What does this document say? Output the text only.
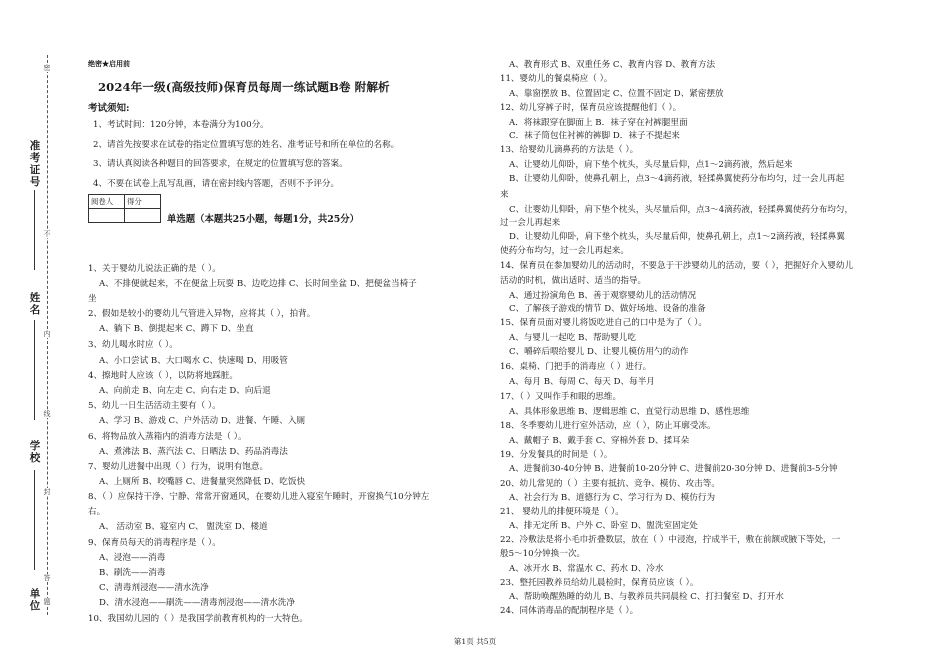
准考证号
姓名
学校
单位
密
不
内
线
封
答
题
绝密★启用前
2024年一级(高级技师)保育员每周一练试题B卷 附解析
考试须知:
1、考试时间：120分钟，本卷满分为100分。
2、请首先按要求在试卷的指定位置填写您的姓名、准考证号和所在单位的名称。
3、请认真阅读各种题目的回答要求，在规定的位置填写您的答案。
4、不要在试卷上乱写乱画，请在密封线内答题，否则不予评分。
阅卷人	得分

单选题（本题共25小题，每题1分，共25分）
1、关于婴幼儿说法正确的是（ ）。
A、不排便就起来，不在便盆上玩耍 B、边吃边排 C、长时间坐盆 D、把便盆当椅子
坐
2、假如是较小的婴幼儿气管进入异物，应将其（ ），拍背。
A、躺下 B、倒提起来 C、蹲下 D、坐直
3、幼儿喝水时应（ ）。
A、小口尝试 B、大口喝水 C、快速喝 D、用吸管
4、擦地时人应该（ ），以防将地踩脏。
A、向前走 B、向左走 C、向右走 D、向后退
5、幼儿一日生活活动主要有（ ）。
A、学习 B、游戏 C、户外活动 D、进餐、午睡、入厕
6、将物品放入蒸箱内的消毒方法是（ ）。
A、煮沸法 B、蒸汽法 C、日晒法 D、药品消毒法
7、婴幼儿进餐中出现（ ）行为，说明有饱意。
A、上厕所 B、咬嘴唇 C、进餐量突然降低 D、吃饭快
8、（ ）应保持干净、宁静、常常开窗通风，在婴幼儿进入寝室午睡时，开窗换气10分钟左
右。
A、 活动室 B、寝室内 C、 盥洗室 D、楼道
9、保育员每天的消毒程序是（ ）。
A、浸泡——消毒
B、刷洗——消毒
C、清毒剂浸泡——清水洗净
D、清水浸泡——刷洗——清毒剂浸泡——清水洗净
10、我国幼儿园的（ ）是我国学前教育机构的一大特色。
A、教育形式 B、双重任务 C、教育内容 D、教育方法
11、婴幼儿的餐桌椅应（ ）。
A、靠窗摆放 B、位置固定 C、位置不固定 D、紧密摆放
12、幼儿穿裤子时，保育员应该提醒他们（ ）。
A．将袜跟穿在脚面上 B．袜子穿在衬裤腿里面
C．袜子筒包住衬裤的裤脚 D．袜子不提起来
13、给婴幼儿滴鼻药的方法是（ ）。
A、让婴幼儿仰卧，肩下垫个枕头，头尽量后仰，点1～2滴药液，然后起来
B、让婴幼儿仰卧，使鼻孔朝上，点3～4滴药液，轻揉鼻翼使药分布均匀，过一会儿再起
来
C、让婴幼儿仰卧，肩下垫个枕头，头尽量后仰，点3～4滴药液，轻揉鼻翼使药分布均匀，
过一会儿再起来
D、让婴幼儿仰卧，肩下垫个枕头，头尽量后仰，使鼻孔朝上，点1～2滴药液，轻揉鼻翼
使药分布均匀，过一会儿再起来。
14、保育员在参加婴幼儿的活动时，不要急于干涉婴幼儿的活动，要（ ），把握好介入婴幼儿
活动的时机，做出适时、适当的指导。
A、通过扮演角色 B、善于观察婴幼儿的活动情况
C、了解孩子游戏的情节 D、做好场地、设备的准备
15、保育员面对婴儿将饭吃进自己的口中是为了（ ）。
A、与婴儿一起吃 B、帮助婴儿吃
C、嚼碎后喂给婴儿 D、让婴儿模仿用勺的动作
16、桌椅、门把手的消毒应（ ）进行。
A、每月 B、每周 C、每天 D、每半月
17、（ ）又叫作手和眼的思维。
A、具体形象思维 B、逻辑思维 C、直觉行动思维 D、感性思维
18、冬季婴幼儿进行室外活动，应（ ），防止耳廓受冻。
A、戴帽子 B、戴手套 C、穿棉外套 D、揉耳朵
19、分发餐具的时间是（ ）。
A、进餐前30-40分钟 B、进餐前10-20分钟 C、进餐前20-30分钟 D、进餐前3-5分钟
20、幼儿常见的（ ）主要有抵抗、竞争、模仿、攻击等。
A、社会行为 B、道德行为 C、学习行为 D、模仿行为
21、 婴幼儿的排便环境是（ ）。
A、排无定所 B、户外 C、卧室 D、盥洗室固定处
22、冷敷法是将小毛巾折叠数层，放在（ ）中浸泡，拧成半干，敷在前额或腋下等处，一
般5～10分钟换一次。
A、冰开水 B、常温水 C、药水 D、冷水
23、整托园教养员给幼儿晨检时，保育员应该（ ）。
A、帮助唤醒熟睡的幼儿 B、与教养员共同晨检 C、打扫餐室 D、打开水
24、同体消毒品的配制程序是（ ）。
第1页 共5页
